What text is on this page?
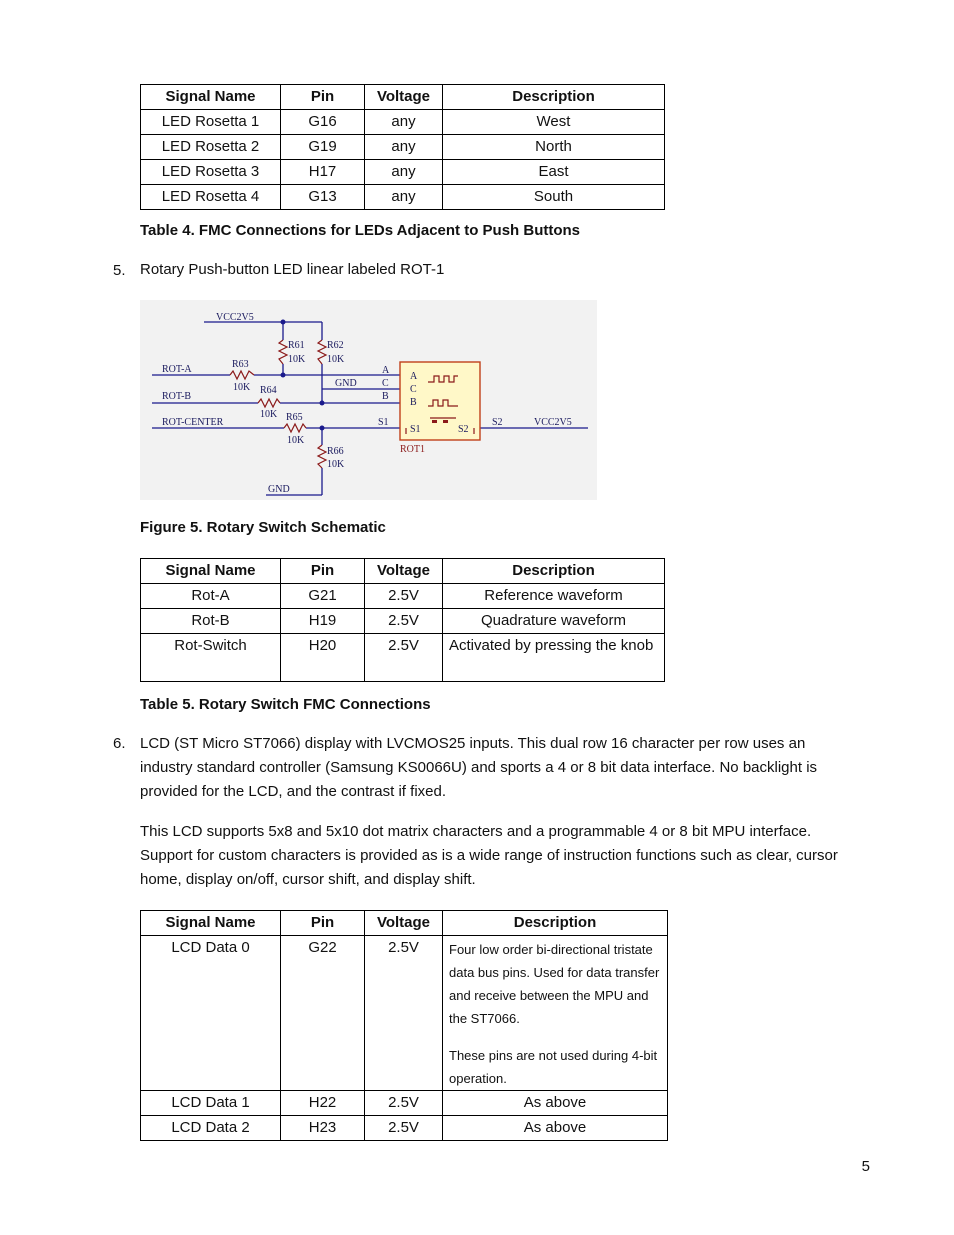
Signal Name	Pin	Voltage	Description
LED Rosetta 1	G16	any	West
LED Rosetta 2	G19	any	North
LED Rosetta 3	H17	any	East
LED Rosetta 4	G13	any	South
Table 4. FMC Connections for LEDs Adjacent to Push Buttons
5. Rotary Push-button LED linear labeled ROT-1
VCC2V5
ROT-A
ROT-B
ROT-CENTER
R63
10K R64
10K R65
10K
R61
10K
R62
10K
R66
10K
GND
GND
A
C
B
S1
A
C
B
S1	S2
S2	VCC2V5
ROT1
Figure 5. Rotary Switch Schematic
Signal Name	Pin	Voltage	Description
Rot-A	G21	2.5V	Reference waveform
Rot-B	H19	2.5V	Quadrature waveform
Rot-Switch	H20	2.5V	Activated by pressing the knob
Table 5. Rotary Switch FMC Connections
6. LCD (ST Micro ST7066) display with LVCMOS25 inputs. This dual row 16 character per row uses an industry standard controller (Samsung KS0066U) and sports a 4 or 8 bit data interface. No backlight is provided for the LCD, and the contrast if fixed.
This LCD supports 5x8 and 5x10 dot matrix characters and a programmable 4 or 8 bit MPU interface. Support for custom characters is provided as is a wide range of instruction functions such as clear, cursor home, display on/off, cursor shift, and display shift.
Signal Name	Pin	Voltage	Description
LCD Data 0	G22	2.5V	Four low order bi-directional tristate data bus pins. Used for data transfer and receive between the MPU and the ST7066.
These pins are not used during 4-bit operation.

LCD Data 1	H22	2.5V	As above
LCD Data 2	H23	2.5V	As above
5
